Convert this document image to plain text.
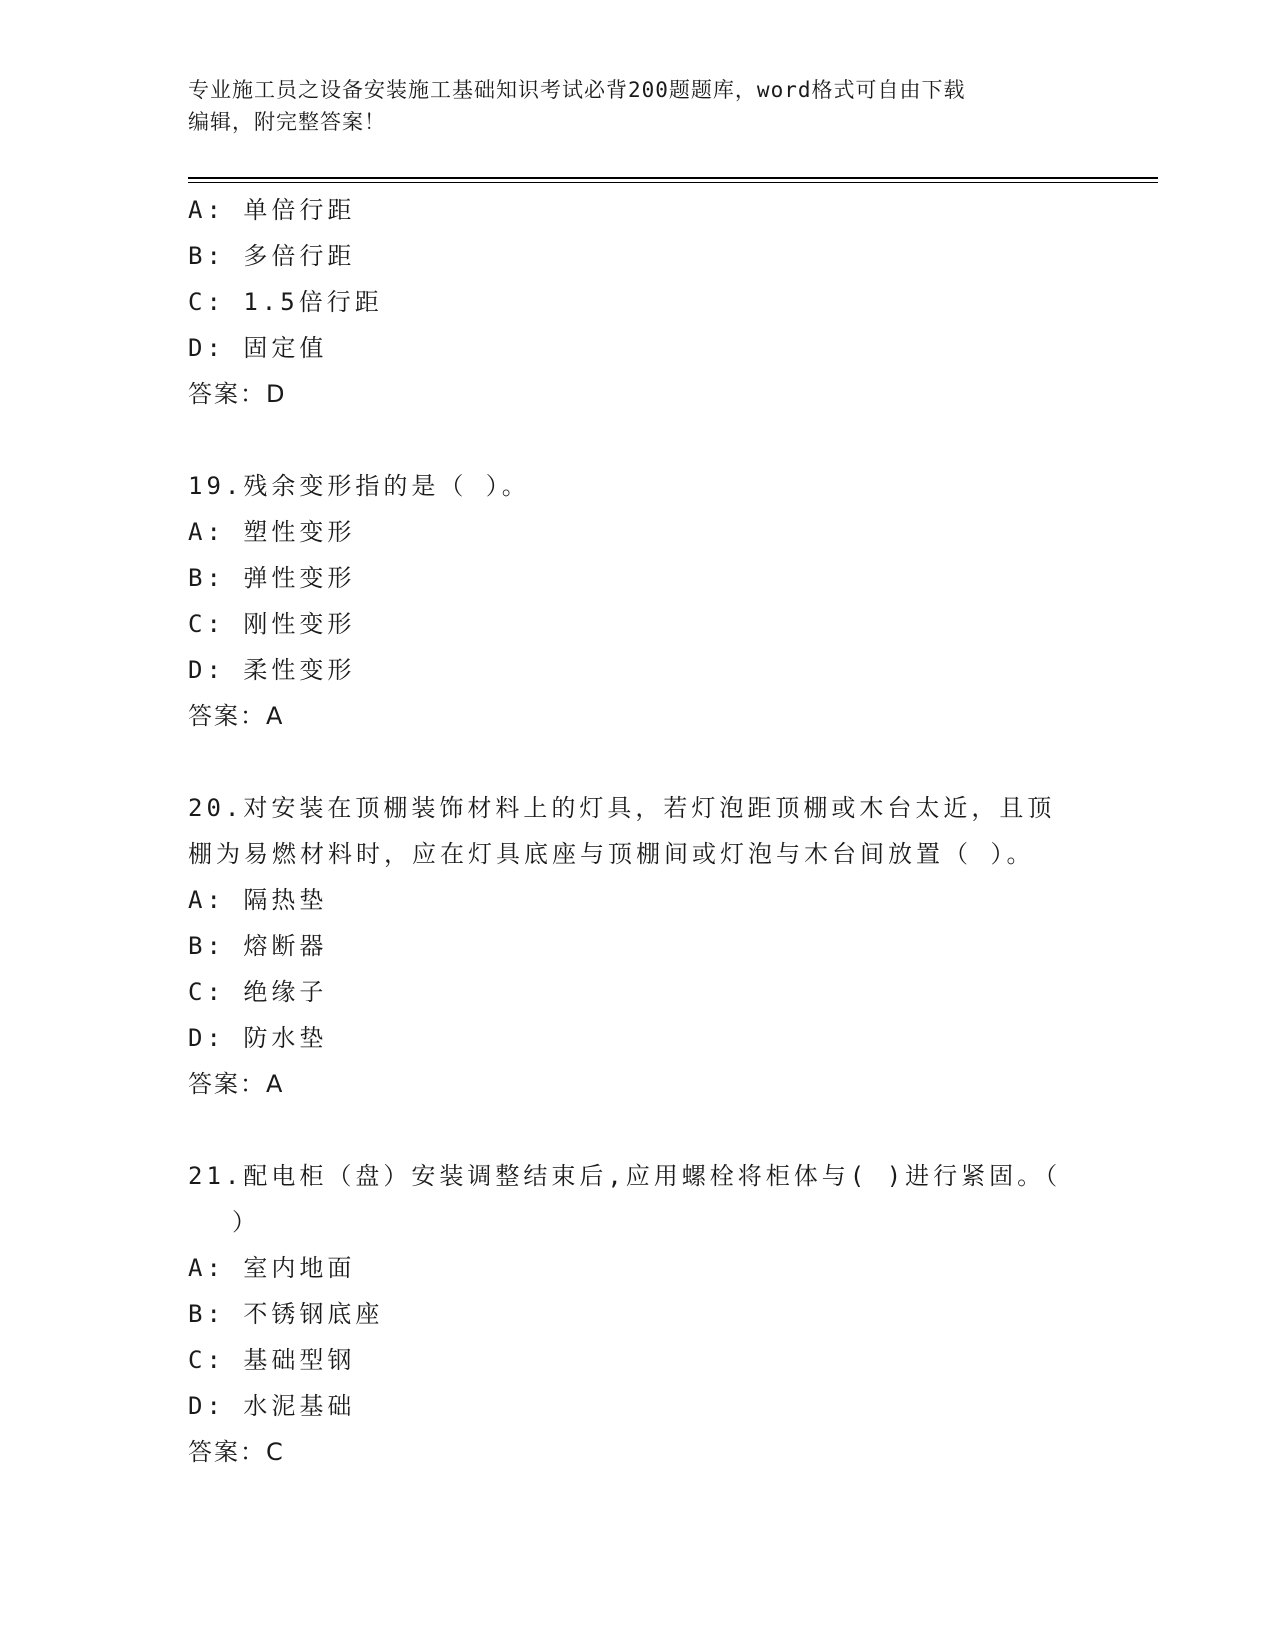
专业施工员之设备安装施工基础知识考试必背200题题库，word格式可自由下载
编辑，附完整答案！
A: 单倍行距
B: 多倍行距
C: 1.5倍行距
D: 固定值
答案：D
19.残余变形指的是（ ）。
A: 塑性变形
B: 弹性变形
C: 刚性变形
D: 柔性变形
答案：A
20.对安装在顶棚装饰材料上的灯具，若灯泡距顶棚或木台太近，且顶
棚为易燃材料时，应在灯具底座与顶棚间或灯泡与木台间放置（ ）。
A: 隔热垫
B: 熔断器
C: 绝缘子
D: 防水垫
答案：A
21.配电柜（盘）安装调整结束后,应用螺栓将柜体与( )进行紧固。（
）
A: 室内地面
B: 不锈钢底座
C: 基础型钢
D: 水泥基础
答案：C
